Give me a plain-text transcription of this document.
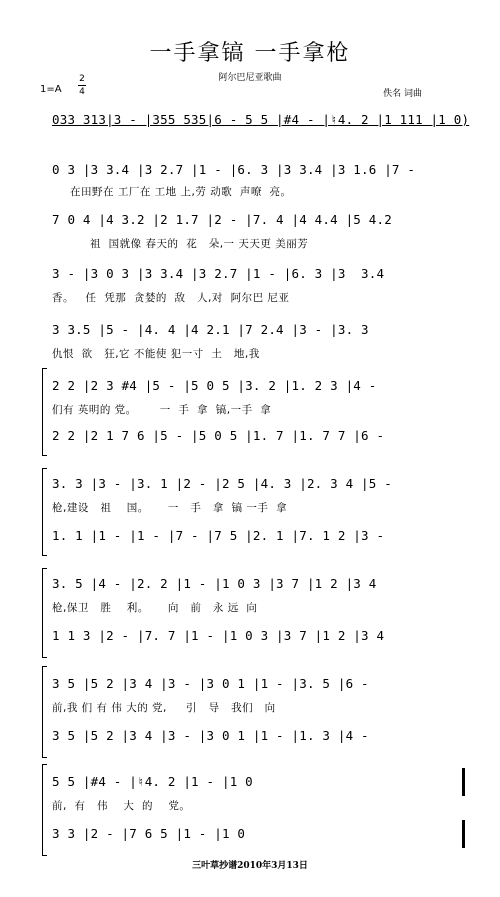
一手拿镐 一手拿枪
阿尔巴尼亚歌曲
佚名 词曲
1=A
2
4
033 313|3 - |355 535|6 - 5 5 |#4 - |♮4. 2 |1 111 |1 0)
0 3 |3 3.4 |3 2.7 |1 - |6. 3 |3 3.4 |3 1.6 |7 -
在田野在 工厂在 工地 上,劳 动歌  声嘹  亮。
7 0 4 |4 3.2 |2 1.7 |2 - |7. 4 |4 4.4 |5 4.2
祖  国就像 春天的  花   朵,一 天天更 美丽芳
3 - |3 0 3 |3 3.4 |3 2.7 |1 - |6. 3 |3  3.4
香。   任  凭那  贪婪的  敌   人,对  阿尔巴 尼亚
3 3.5 |5 - |4. 4 |4 2.1 |7 2.4 |3 - |3. 3
仇恨  欲   狂,它 不能使 犯一寸  土   地,我
2 2 |2 3 #4 |5 - |5 0 5 |3. 2 |1. 2 3 |4 -
们有 英明的 党。      一  手  拿  镐,一手  拿
2 2 |2 1 7 6 |5 - |5 0 5 |1. 7 |1. 7 7 |6 -
3. 3 |3 - |3. 1 |2 - |2 5 |4. 3 |2. 3 4 |5 -
枪,建设   祖    国。     一   手   拿  镐 一手  拿
1. 1 |1 - |1 - |7 - |7 5 |2. 1 |7. 1 2 |3 -
3. 5 |4 - |2. 2 |1 - |1 0 3 |3 7 |1 2 |3 4
枪,保卫   胜    利。     向   前   永 远  向
1 1 3 |2 - |7. 7 |1 - |1 0 3 |3 7 |1 2 |3 4
3 5 |5 2 |3 4 |3 - |3 0 1 |1 - |3. 5 |6 -
前,我 们 有 伟 大的 党,     引   导   我们   向
3 5 |5 2 |3 4 |3 - |3 0 1 |1 - |1. 3 |4 -
5 5 |#4 - |♮4. 2 |1 - |1 0
前,  有   伟    大  的    党。
3 3 |2 - |7 6 5 |1 - |1 0
三叶草抄谱2010年3月13日
